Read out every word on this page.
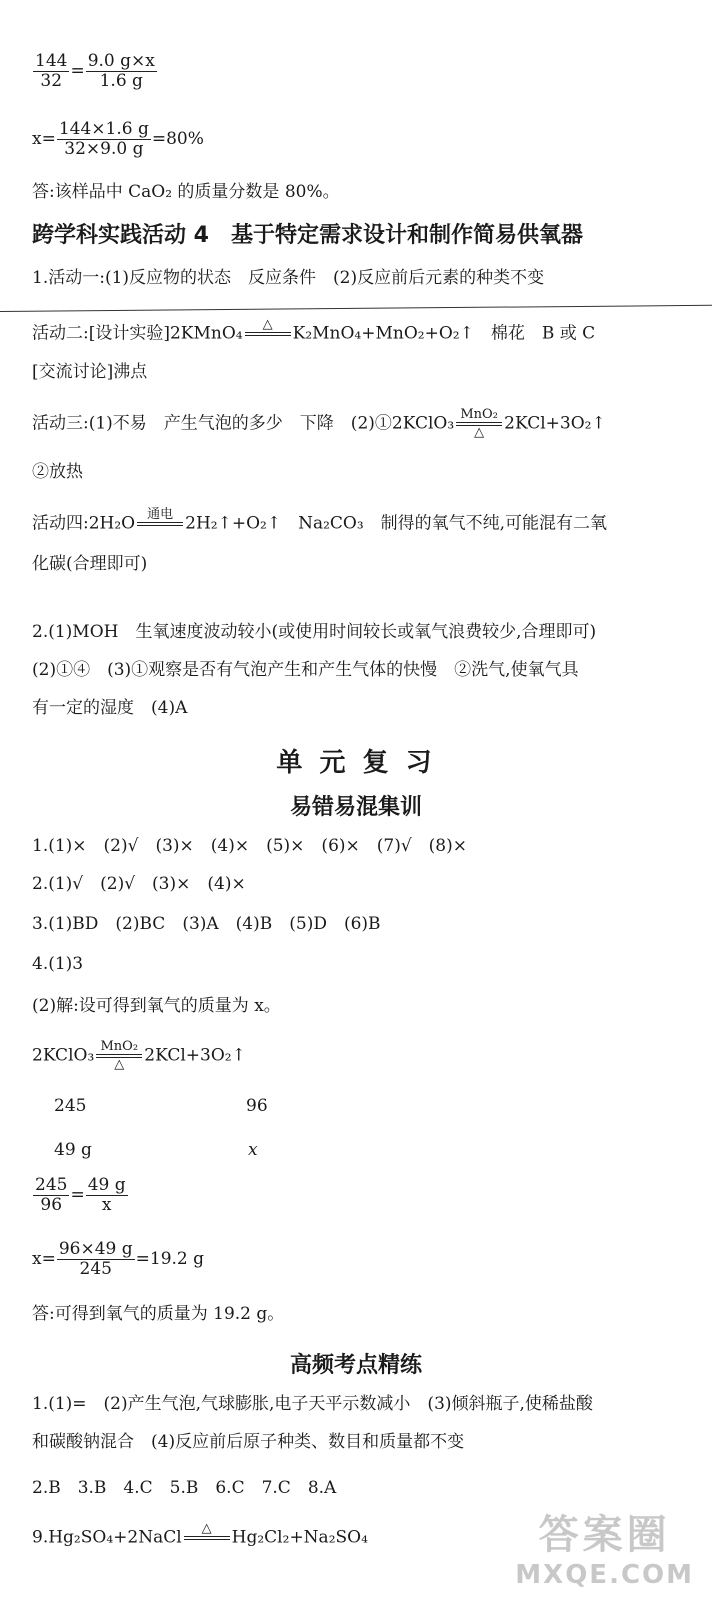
$\frac{144}{32} = \frac{9.0 g\times x}{1.6 g}$
$x= \frac{144\times 1.6 g}{32\times 9.0 g} =80\%$
答:该样品中 CaO₂ 的质量分数是 80%。
跨学科实践活动 4　基于特定需求设计和制作简易供氧器
1.活动一:(1)反应物的状态　反应条件　(2)反应前后元素的种类不变
活动二:[设计实验]2KMnO₄ △ K₂MnO₄+MnO₂+O₂↑　棉花　B 或 C
[交流讨论]沸点
活动三:(1)不易　产生气泡的多少　下降　(2)①2KClO₃ MnO₂
△ 2KCl+3O₂↑
②放热
活动四:2H₂O 通电 2H₂↑+O₂↑　Na₂CO₃　制得的氧气不纯,可能混有二氧
化碳(合理即可)
2.(1)MOH　生氧速度波动较小(或使用时间较长或氧气浪费较少,合理即可)
(2)①④　(3)①观察是否有气泡产生和产生气体的快慢　②洗气,使氧气具
有一定的湿度　(4)A
单 元 复 习
易错易混集训
1.(1)×　(2)√　(3)×　(4)×　(5)×　(6)×　(7)√　(8)×
2.(1)√　(2)√　(3)×　(4)×
3.(1)BD　(2)BC　(3)A　(4)B　(5)D　(6)B
4.(1)3
(2)解:设可得到氧气的质量为 x。
2KClO₃ MnO₂
△ 2KCl+3O₂↑
245	96
49 g	x
$\frac{245}{96} = \frac{49 g}{x}$
$x= \frac{96\times 49 g}{245} =19.2$ g
答:可得到氧气的质量为 19.2 g。
高频考点精练
1.(1)=　(2)产生气泡,气球膨胀,电子天平示数减小　(3)倾斜瓶子,使稀盐酸
和碳酸钠混合　(4)反应前后原子种类、数目和质量都不变
2.B　3.B　4.C　5.B　6.C　7.C　8.A
9.Hg₂SO₄+2NaCl △ Hg₂Cl₂+Na₂SO₄	答案圈
MXQE.COM
